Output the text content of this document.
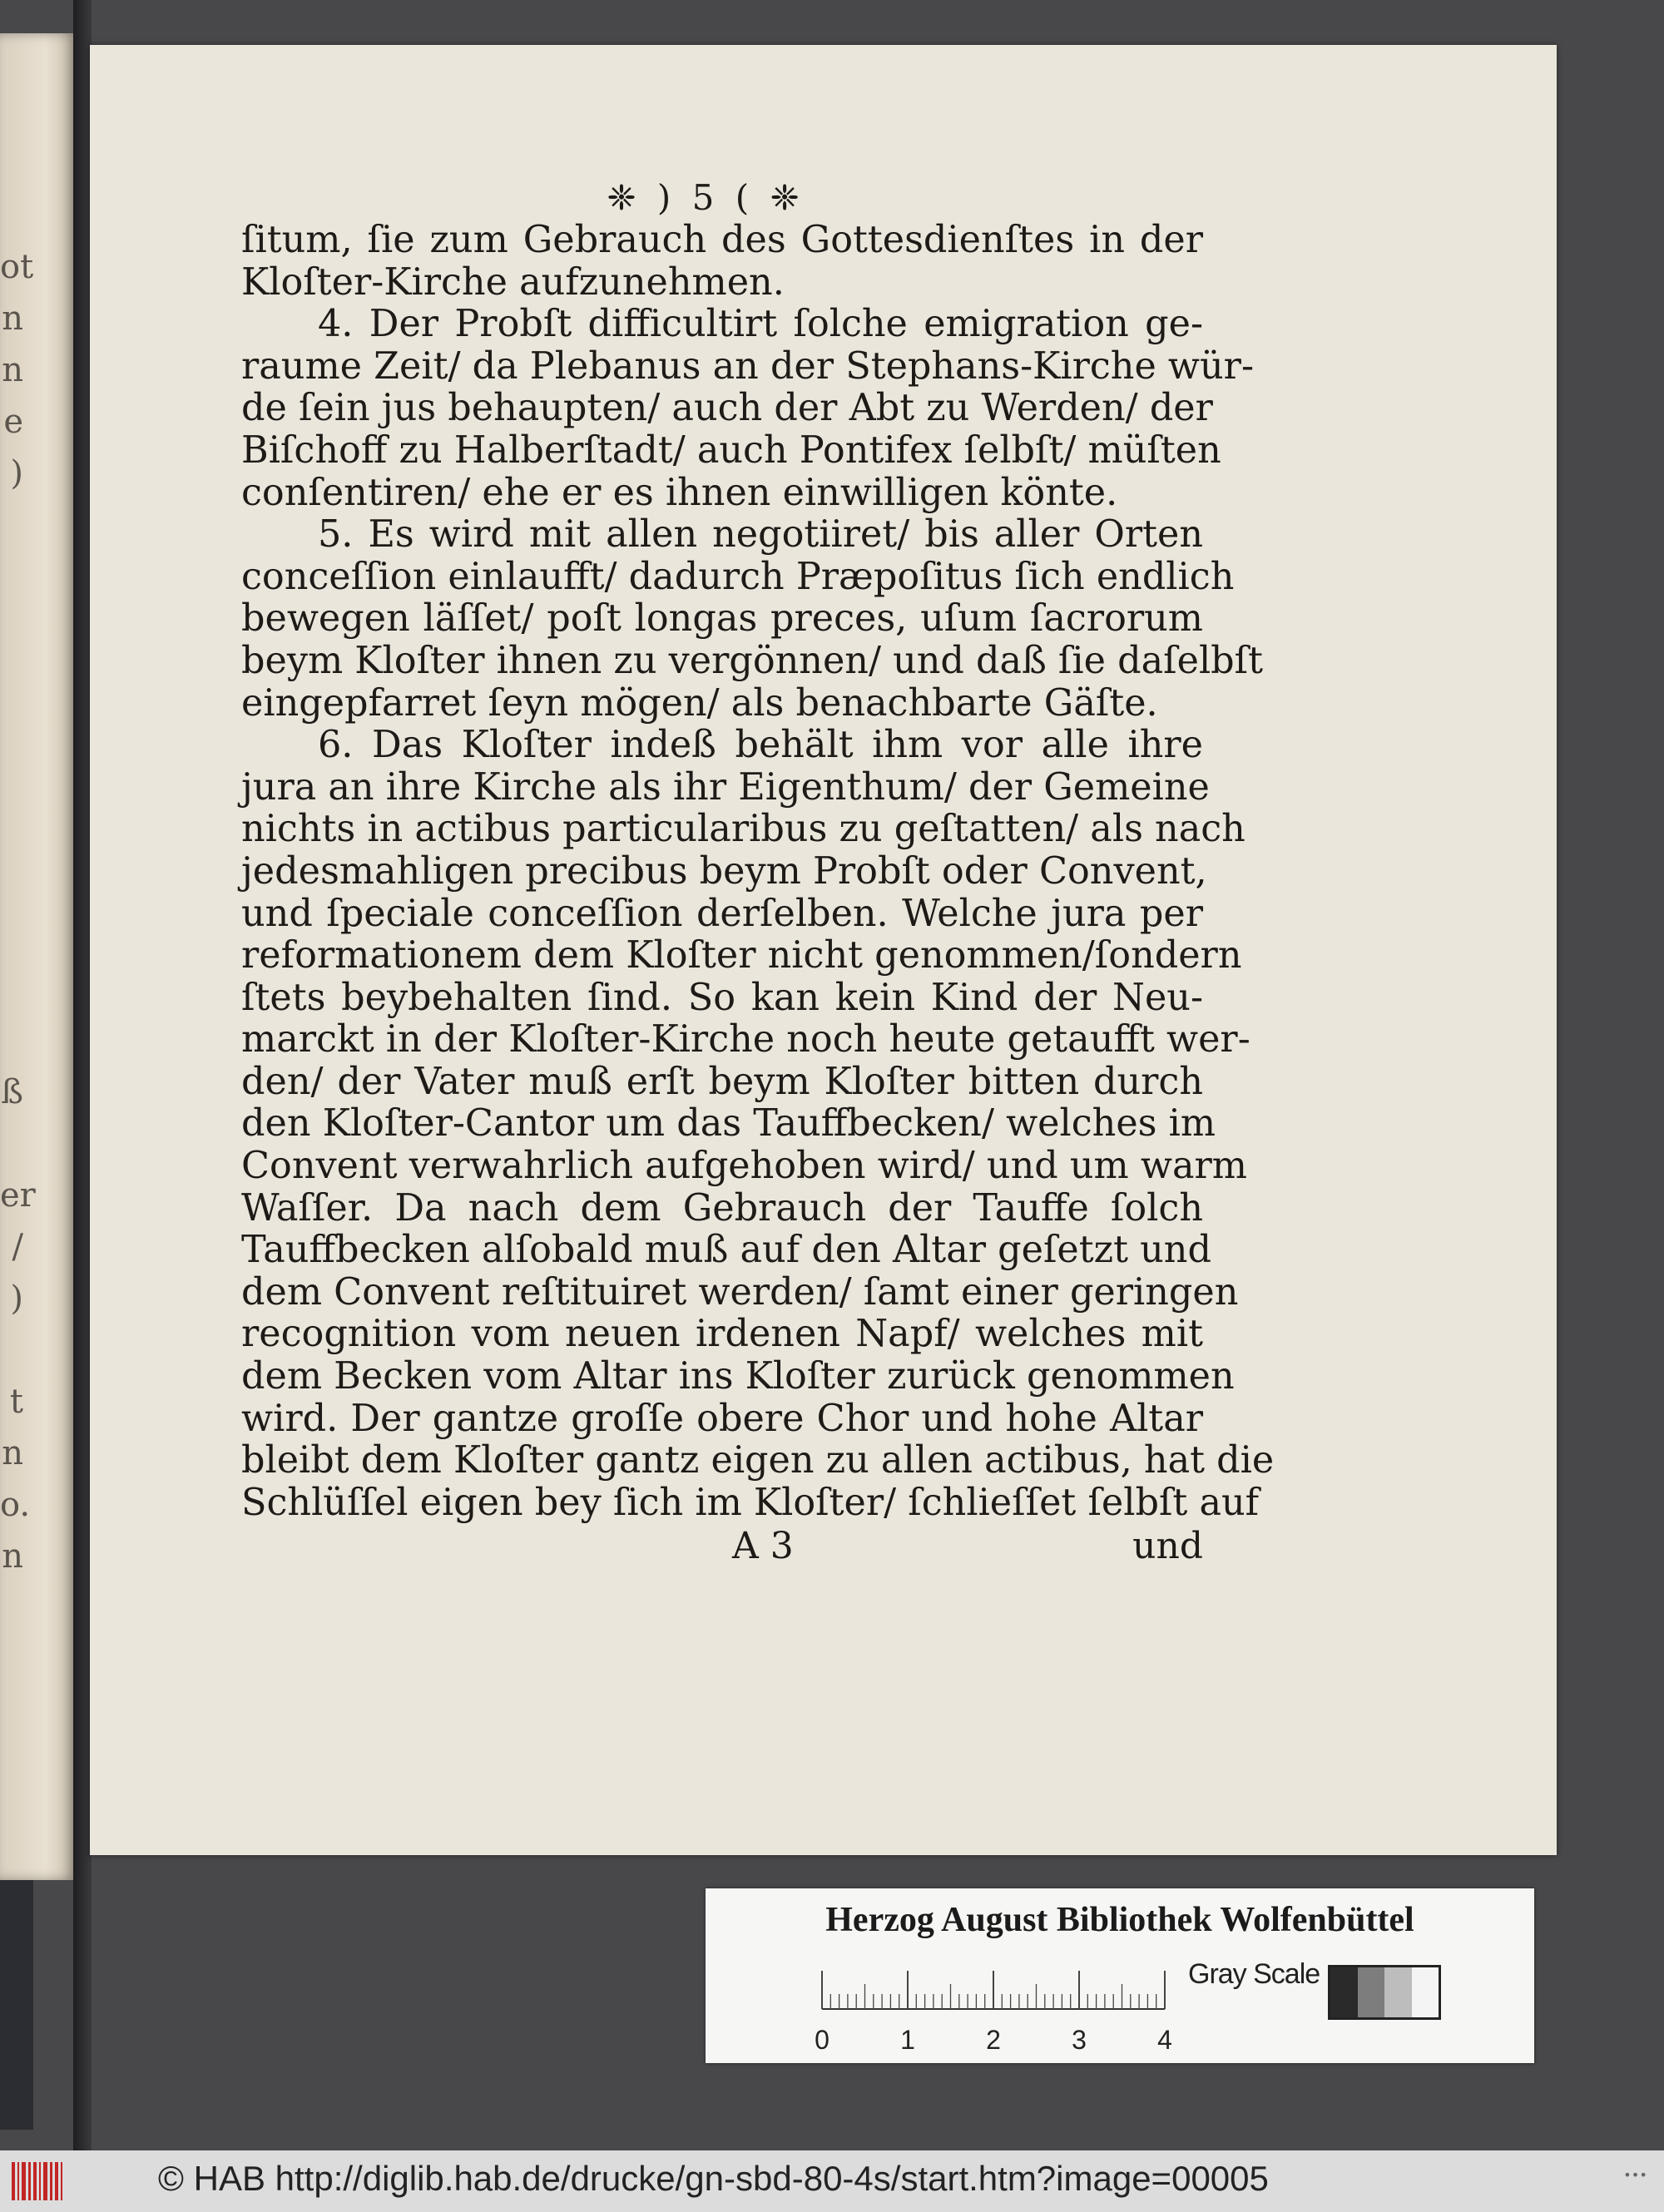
ot
n
n
e
)

ß

er
/
)

t
n
o.
n
❈ ) 5 ( ❈
ſitum, ſie zum Gebrauch des Gottesdienſtes in der
Kloſter-Kirche aufzunehmen.
4. Der Probſt difficultirt ſolche emigration ge-
raume Zeit/ da Plebanus an der Stephans-Kirche wür-
de ſein jus behaupten/ auch der Abt zu Werden/ der
Biſchoff zu Halberſtadt/ auch Pontifex ſelbſt/ müſten
conſentiren/ ehe er es ihnen einwilligen könte.
5. Es wird mit allen negotiiret/ bis aller Orten
conceſſion einlaufft/ dadurch Præpoſitus ſich endlich
bewegen läſſet/ poſt longas preces, uſum ſacrorum
beym Kloſter ihnen zu vergönnen/ und daß ſie daſelbſt
eingepfarret ſeyn mögen/ als benachbarte Gäſte.
6. Das Kloſter indeß behält ihm vor alle ihre
jura an ihre Kirche als ihr Eigenthum/ der Gemeine
nichts in actibus particularibus zu geſtatten/ als nach
jedesmahligen precibus beym Probſt oder Convent,
und ſpeciale conceſſion derſelben. Welche jura per
reformationem dem Kloſter nicht genommen/ſondern
ſtets beybehalten ſind. So kan kein Kind der Neu-
marckt in der Kloſter-Kirche noch heute getaufft wer-
den/ der Vater muß erſt beym Kloſter bitten durch
den Kloſter-Cantor um das Tauffbecken/ welches im
Convent verwahrlich aufgehoben wird/ und um warm
Waſſer. Da nach dem Gebrauch der Tauffe ſolch
Tauffbecken alſobald muß auf den Altar geſetzt und
dem Convent reſtituiret werden/ ſamt einer geringen
recognition vom neuen irdenen Napf/ welches mit
dem Becken vom Altar ins Kloſter zurück genommen
wird. Der gantze groſſe obere Chor und hohe Altar
bleibt dem Kloſter gantz eigen zu allen actibus, hat die
Schlüſſel eigen bey ſich im Kloſter/ ſchlieſſet ſelbſt auf
A 3	und
Herzog August Bibliothek Wolfenbüttel
0	1	2	3	4
Gray Scale
© HAB http://diglib.hab.de/drucke/gn-sbd-80-4s/start.htm?image=00005	•••
